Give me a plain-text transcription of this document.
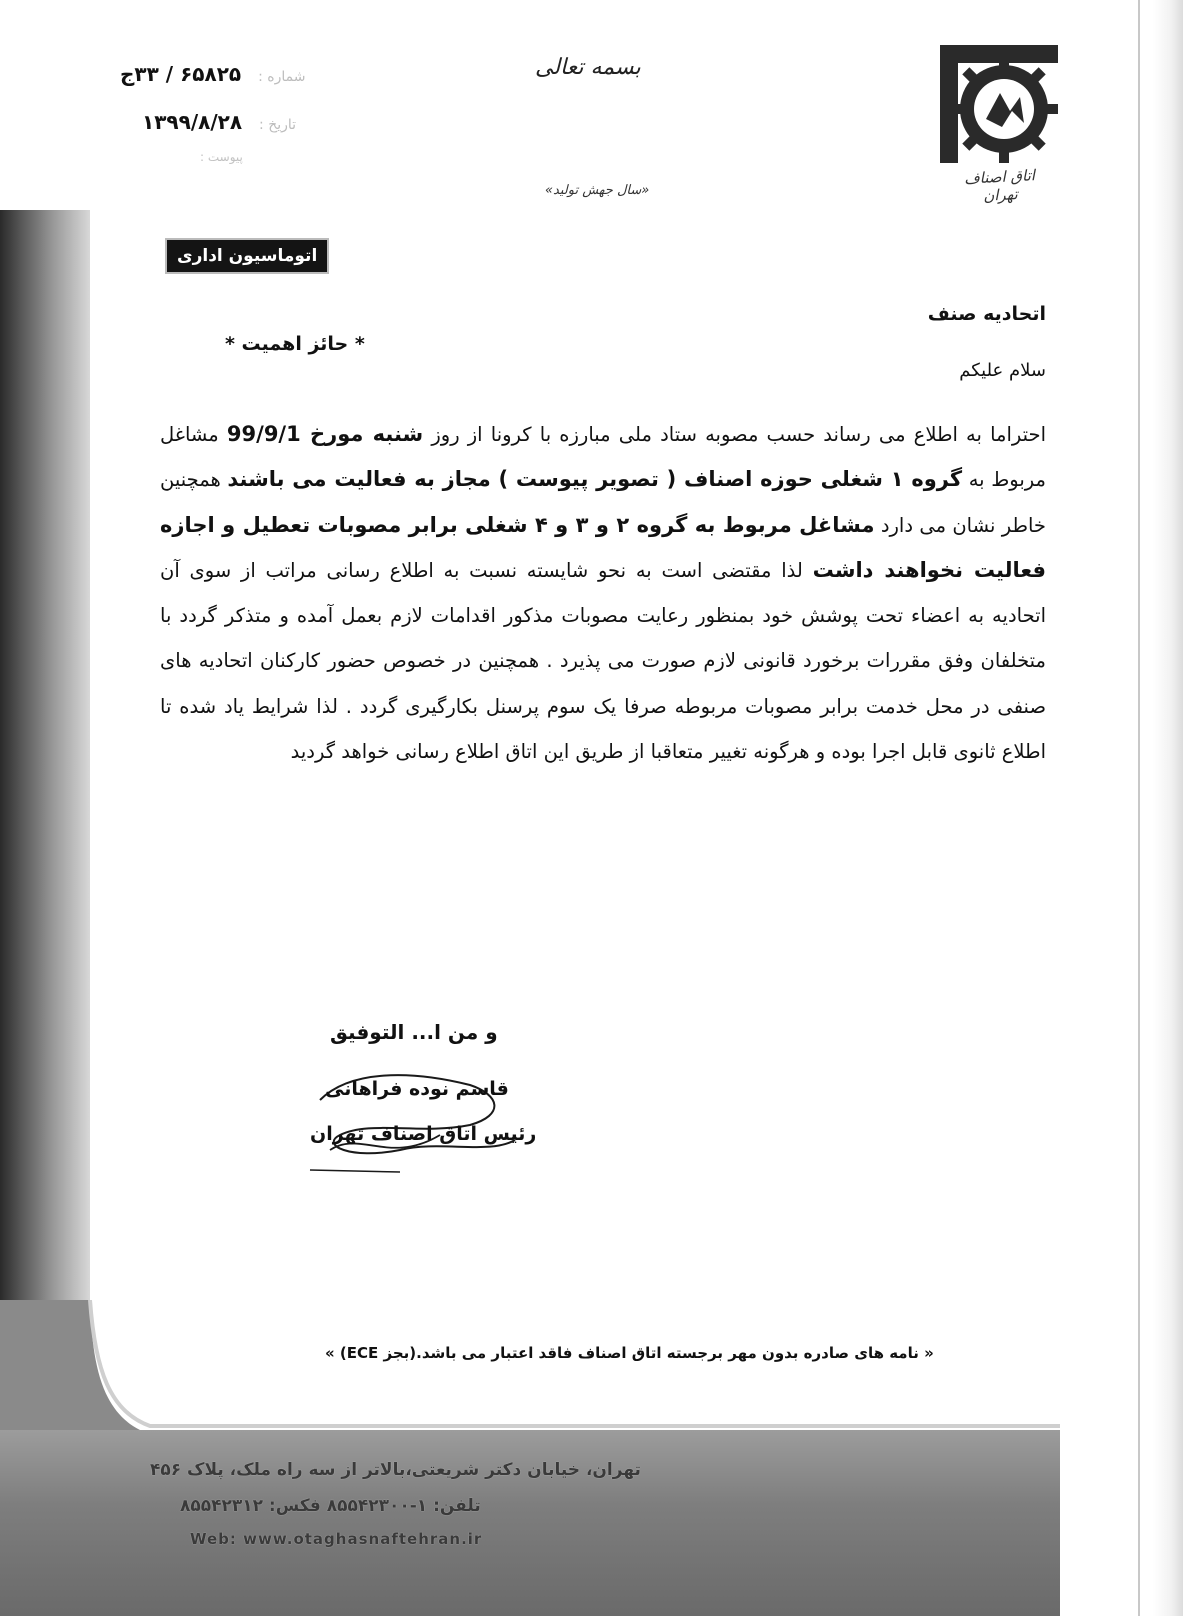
اتاق اصناف تهران
بسمه تعالی
«سال جهش تولید»
شماره : ۶۵۸۲۵ / ۳۳ج
تاریخ : ۱۳۹۹/۸/۲۸
پیوست :
اتوماسیون اداری
اتحادیه صنف
* حائز اهمیت *
سلام علیکم
احتراما به اطلاع می رساند حسب مصوبه ستاد ملی مبارزه با کرونا از روز شنبه مورخ 99/9/1 مشاغل مربوط به گروه ۱ شغلی حوزه اصناف ( تصویر پیوست ) مجاز به فعالیت می باشند همچنین خاطر نشان می دارد مشاغل مربوط به گروه ۲ و ۳ و ۴ شغلی برابر مصوبات تعطیل و اجازه فعالیت نخواهند داشت لذا مقتضی است به نحو شایسته نسبت به اطلاع رسانی مراتب از سوی آن اتحادیه به اعضاء تحت پوشش خود بمنظور رعایت مصوبات مذکور اقدامات لازم بعمل آمده و متذکر گردد با متخلفان وفق مقررات برخورد قانونی لازم صورت می پذیرد . همچنین در خصوص حضور کارکنان اتحادیه های صنفی در محل خدمت برابر مصوبات مربوطه صرفا یک سوم پرسنل بکارگیری گردد . لذا شرایط یاد شده تا اطلاع ثانوی قابل اجرا بوده و هرگونه تغییر متعاقبا از طریق این اتاق اطلاع رسانی خواهد گردید
و من ا... التوفیق
قاسم نوده فراهانی
رئیس اتاق اصناف تهران
« نامه های صادره بدون مهر برجسته اتاق اصناف فاقد اعتبار می باشد.(بجز ECE) »
تهران، خیابان دکتر شریعتی،بالاتر از سه راه ملک، پلاک ۴۵۶
تلفن: ۱-۸۵۵۴۲۳۰۰ فکس: ۸۵۵۴۲۳۱۲
Web: www.otaghasnaftehran.ir
